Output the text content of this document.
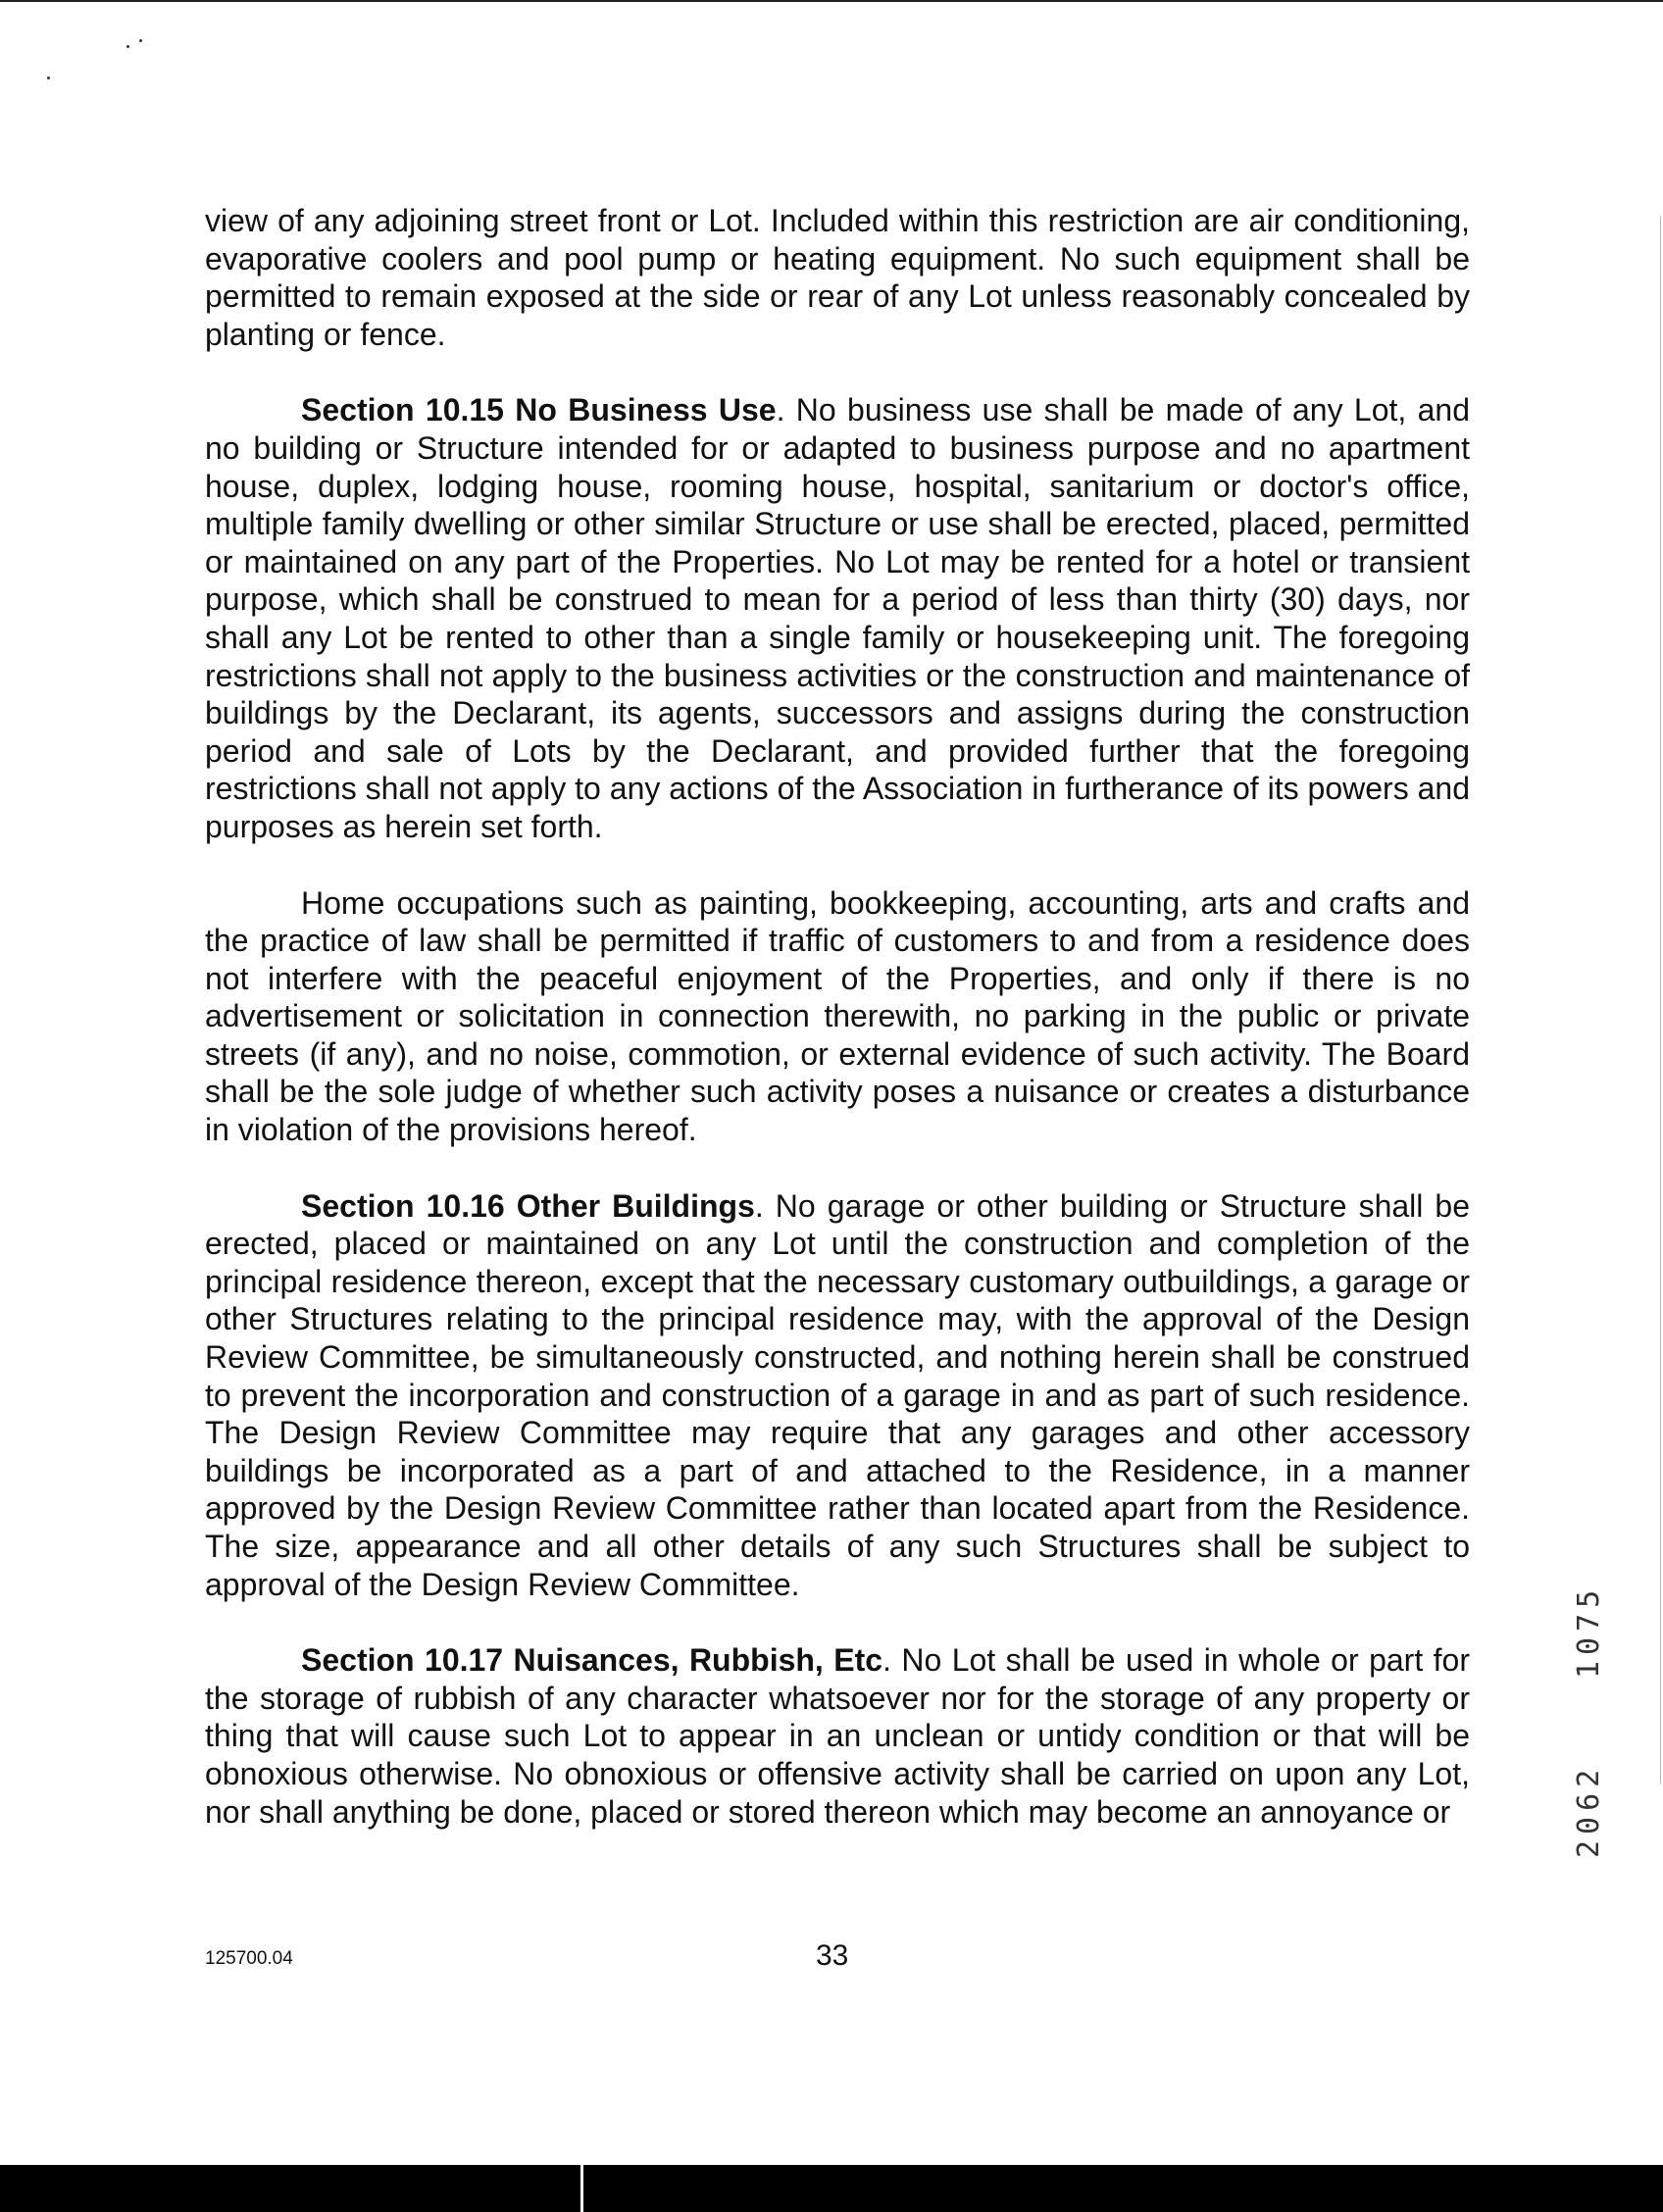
view of any adjoining street front or Lot. Included within this restriction are air conditioning, evaporative coolers and pool pump or heating equipment. No such equipment shall be permitted to remain exposed at the side or rear of any Lot unless reasonably concealed by planting or fence.

Section 10.15 No Business Use. No business use shall be made of any Lot, and no building or Structure intended for or adapted to business purpose and no apartment house, duplex, lodging house, rooming house, hospital, sanitarium or doctor's office, multiple family dwelling or other similar Structure or use shall be erected, placed, permitted or maintained on any part of the Properties. No Lot may be rented for a hotel or transient purpose, which shall be construed to mean for a period of less than thirty (30) days, nor shall any Lot be rented to other than a single family or housekeeping unit. The foregoing restrictions shall not apply to the business activities or the construction and maintenance of buildings by the Declarant, its agents, successors and assigns during the construction period and sale of Lots by the Declarant, and provided further that the foregoing restrictions shall not apply to any actions of the Association in furtherance of its powers and purposes as herein set forth.

Home occupations such as painting, bookkeeping, accounting, arts and crafts and the practice of law shall be permitted if traffic of customers to and from a residence does not interfere with the peaceful enjoyment of the Properties, and only if there is no advertisement or solicitation in connection therewith, no parking in the public or private streets (if any), and no noise, commotion, or external evidence of such activity. The Board shall be the sole judge of whether such activity poses a nuisance or creates a disturbance in violation of the provisions hereof.

Section 10.16 Other Buildings. No garage or other building or Structure shall be erected, placed or maintained on any Lot until the construction and completion of the principal residence thereon, except that the necessary customary outbuildings, a garage or other Structures relating to the principal residence may, with the approval of the Design Review Committee, be simultaneously constructed, and nothing herein shall be construed to prevent the incorporation and construction of a garage in and as part of such residence. The Design Review Committee may require that any garages and other accessory buildings be incorporated as a part of and attached to the Residence, in a manner approved by the Design Review Committee rather than located apart from the Residence. The size, appearance and all other details of any such Structures shall be subject to approval of the Design Review Committee.

Section 10.17 Nuisances, Rubbish, Etc. No Lot shall be used in whole or part for the storage of rubbish of any character whatsoever nor for the storage of any property or thing that will cause such Lot to appear in an unclean or untidy condition or that will be obnoxious otherwise. No obnoxious or offensive activity shall be carried on upon any Lot, nor shall anything be done, placed or stored thereon which may become an annoyance or

1075
2062
125700.04	33
